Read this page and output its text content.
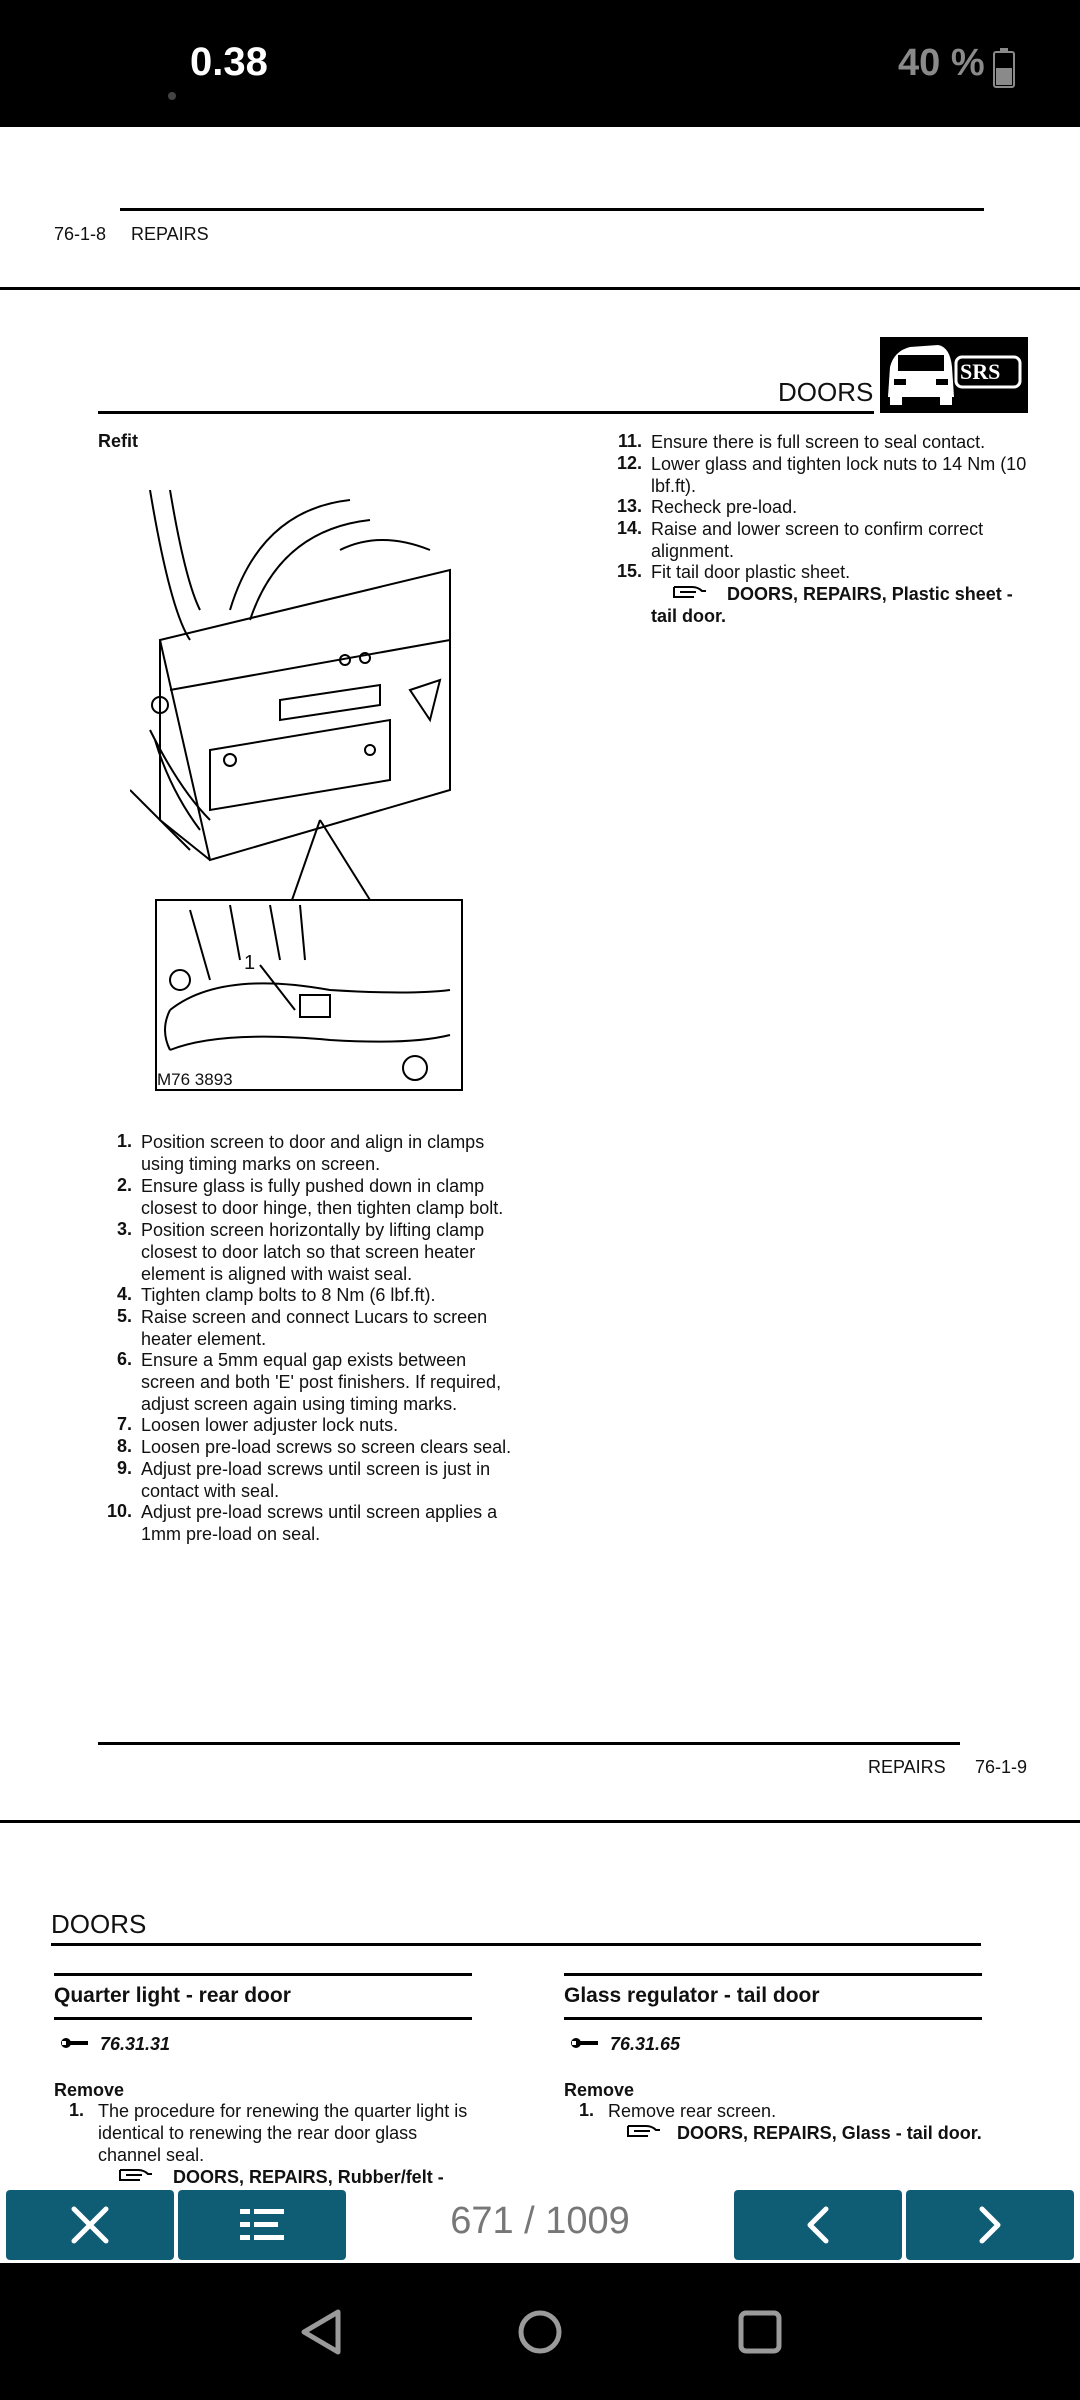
0.38	40 %
76-1-8 REPAIRS
DOORS
SRS
Refit
1
M76 3893
1. Position screen to door and align in clamps
using timing marks on screen.
2. Ensure glass is fully pushed down in clamp
closest to door hinge, then tighten clamp bolt.
3. Position screen horizontally by lifting clamp
closest to door latch so that screen heater
element is aligned with waist seal.
4. Tighten clamp bolts to 8 Nm (6 lbf.ft).
5. Raise screen and connect Lucars to screen
heater element.
6. Ensure a 5mm equal gap exists between
screen and both 'E' post finishers. If required,
adjust screen again using timing marks.
7. Loosen lower adjuster lock nuts.
8. Loosen pre-load screws so screen clears seal.
9. Adjust pre-load screws until screen is just in
contact with seal.
10. Adjust pre-load screws until screen applies a
1mm pre-load on seal.
11. Ensure there is full screen to seal contact.
12. Lower glass and tighten lock nuts to 14 Nm (10
lbf.ft).
13. Recheck pre-load.
14. Raise and lower screen to confirm correct
alignment.
15. Fit tail door plastic sheet.
DOORS, REPAIRS, Plastic sheet -
tail door.
REPAIRS 76-1-9
DOORS
Quarter light - rear door
76.31.31
Remove
1. The procedure for renewing the quarter light is
identical to renewing the rear door glass
channel seal.
DOORS, REPAIRS, Rubber/felt -
Glass regulator - tail door
76.31.65
Remove
1. Remove rear screen.
DOORS, REPAIRS, Glass - tail door.
671 / 1009
